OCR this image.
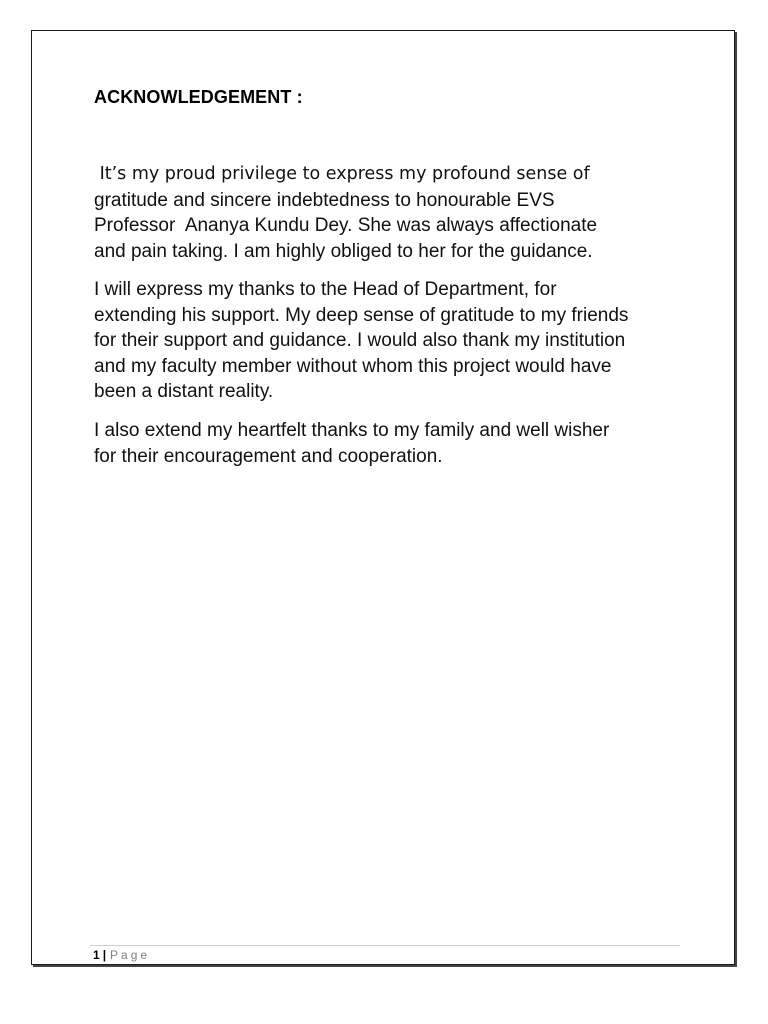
ACKNOWLEDGEMENT :
It’s my proud privilege to express my profound sense of
gratitude and sincere indebtedness to honourable EVS
Professor  Ananya Kundu Dey. She was always affectionate
and pain taking. I am highly obliged to her for the guidance.
I will express my thanks to the Head of Department, for
extending his support. My deep sense of gratitude to my friends
for their support and guidance. I would also thank my institution
and my faculty member without whom this project would have
been a distant reality.
I also extend my heartfelt thanks to my family and well wisher
for their encouragement and cooperation.
1 | Page
